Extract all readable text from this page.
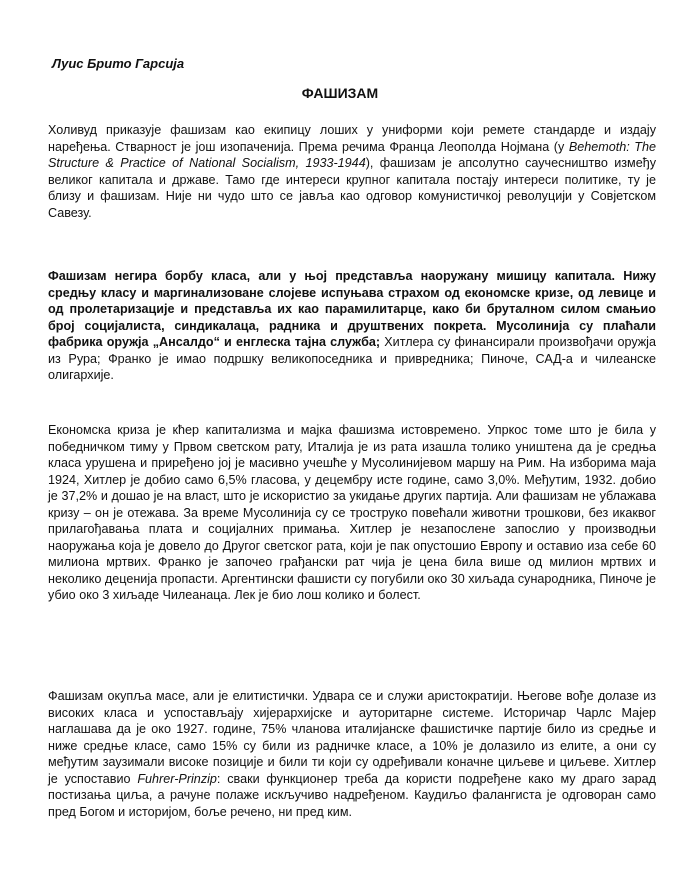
Луис Брито Гарсија
ФАШИЗАМ

Холивуд приказује фашизам као екипицу лоших у униформи који ремете стандарде и издају наређења. Стварност је још изопаченија. Према речима Франца Леополда Нојмана (у Behemoth: The Structure & Practice of National Socialism, 1933-1944), фашизам је апсолутно саучесништво између великог капитала и државе. Тамо где интереси крупног капитала постају интереси политике, ту је близу и фашизам. Није ни чудо што се јавља као одговор комунистичкој револуцији у Совјетском Савезу.

Фашизам негира борбу класа, али у њој представља наоружану мишицу капитала. Нижу средњу класу и маргинализоване слојеве испуњава страхом од економске кризе, од левице и од пролетаризације и представља их као парамилитарце, како би бруталном силом смањио број социјалиста, синдикалаца, радника и друштвених покрета. Мусолинија су плаћали фабрика оружја „Ансалдо“ и енглеска тајна служба; Хитлера су финансирали произвођачи оружја из Рура; Франко је имао подршку великопоседника и привредника; Пиноче, САД-а и чилеанске олигархије.

Економска криза је кћер капитализма и мајка фашизма истовремено. Упркос томе што је била у победничком тиму у Првом светском рату, Италија је из рата изашла толико уништена да је средња класа урушена и приређено јој је масивно учешће у Мусолинијевом маршу на Рим. На изборима маја 1924, Хитлер је добио само 6,5% гласова, у децембру исте године, само 3,0%. Међутим, 1932. добио је 37,2% и дошао је на власт, што је искористио за укидање других партија. Али фашизам не ублажава кризу – он је отежава. За време Мусолинија су се троструко повећали животни трошкови, без икаквог прилагођавања плата и социјалних примања. Хитлер је незапослене запослио у производњи наоружања која је довело до Другог светског рата, који је пак опустошио Европу и оставио иза себе 60 милиона мртвих. Франко је започео грађански рат чија је цена била више од милион мртвих и неколико деценија пропасти. Аргентински фашисти су погубили око 30 хиљада сународника, Пиноче је убио око 3 хиљаде Чилеанаца. Лек је био лош колико и болест.

Фашизам окупља масе, али је елитистички. Удвара се и служи аристократији. Његове вође долазе из високих класа и успостављају хијерархијске и ауторитарне системе. Историчар Чарлс Мајер наглашава да је око 1927. године, 75% чланова италијанске фашистичке партије било из средње и ниже средње класе, само 15% су били из радничке класе, а 10% је долазило из елите, а они су међутим заузимали високе позиције и били ти који су одређивали коначне циљеве и циљеве. Хитлер је успоставио Fuhrer-Prinzip: сваки функционер треба да користи подређене како му драго зарад постизања циља, а рачуне полаже искључиво надређеном. Каудиљо фалангиста је одговоран само пред Богом и историјом, боље речено, ни пред ким.
